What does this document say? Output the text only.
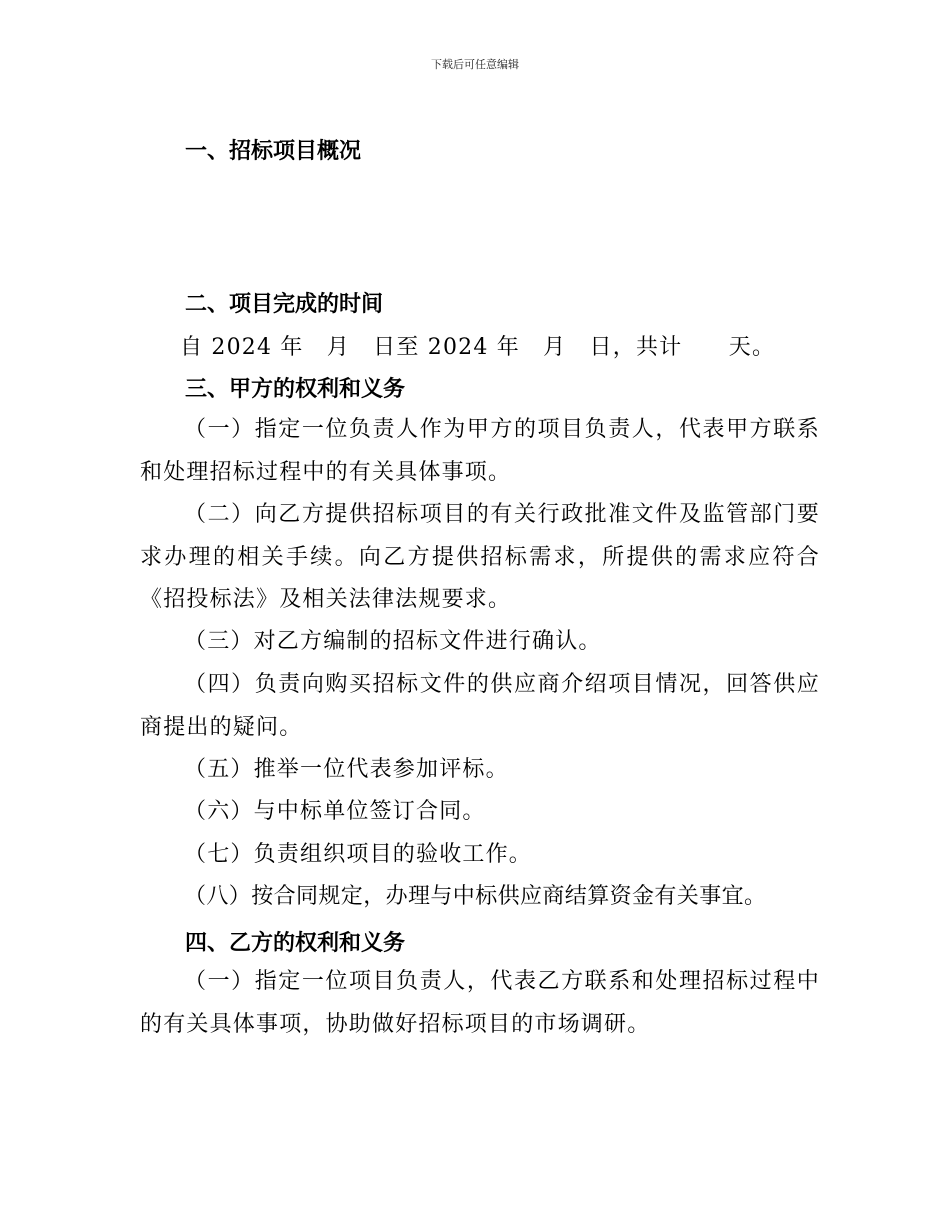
下载后可任意编辑
一、招标项目概况
二、项目完成的时间
自 2024 年　月　日至 2024 年　月　日，共计　　天。
三、甲方的权利和义务
（一）指定一位负责人作为甲方的项目负责人，代表甲方联系和处理招标过程中的有关具体事项。
（二）向乙方提供招标项目的有关行政批准文件及监管部门要求办理的相关手续。向乙方提供招标需求，所提供的需求应符合《招投标法》及相关法律法规要求。
（三）对乙方编制的招标文件进行确认。
（四）负责向购买招标文件的供应商介绍项目情况，回答供应商提出的疑问。
（五）推举一位代表参加评标。
（六）与中标单位签订合同。
（七）负责组织项目的验收工作。
（八）按合同规定，办理与中标供应商结算资金有关事宜。
四、乙方的权利和义务
（一）指定一位项目负责人，代表乙方联系和处理招标过程中的有关具体事项，协助做好招标项目的市场调研。
